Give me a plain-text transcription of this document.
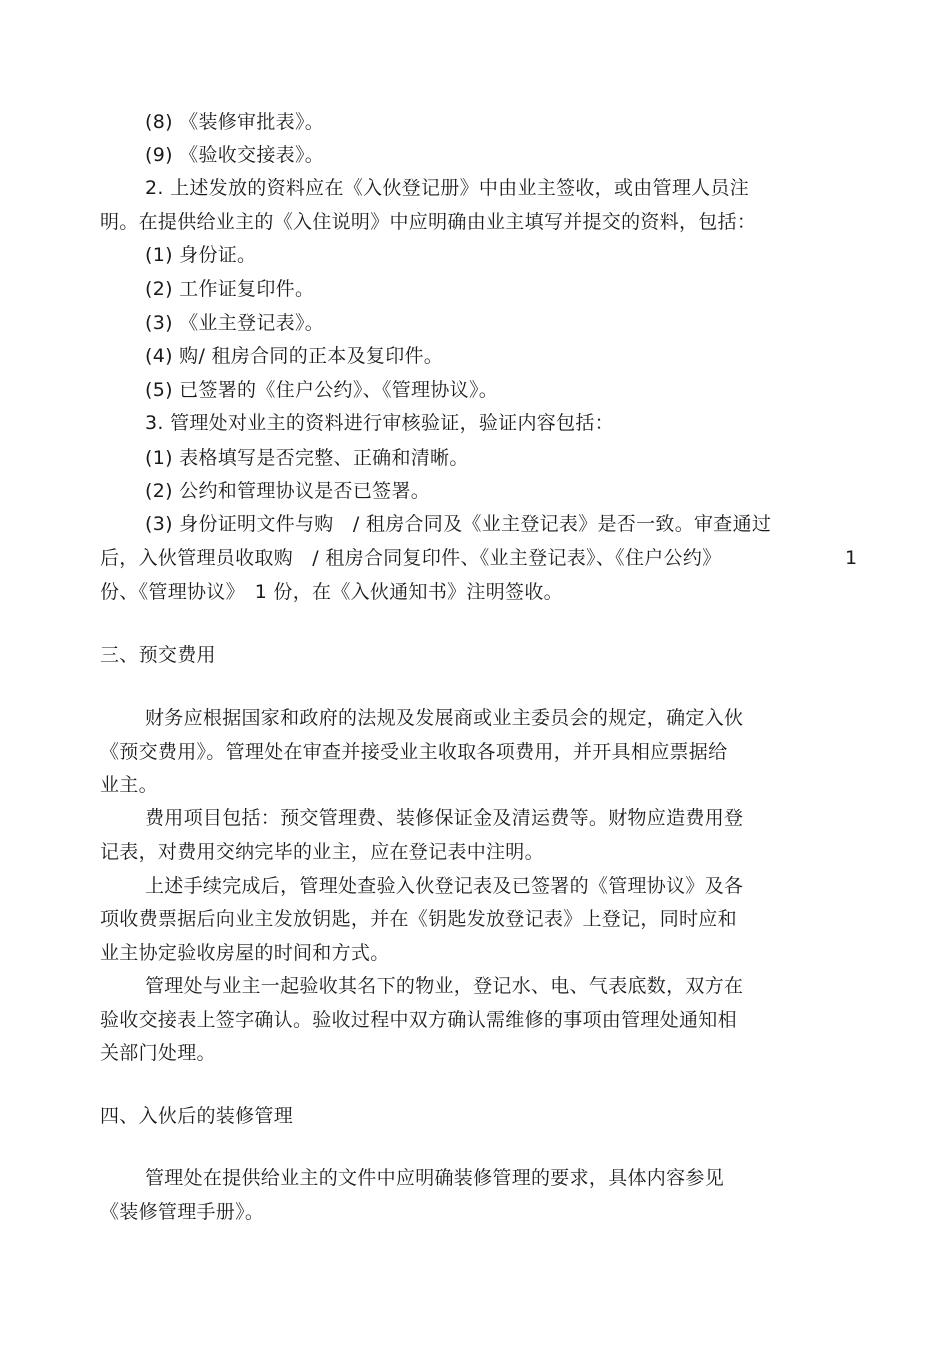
(8) 《装修审批表》。
(9) 《验收交接表》。
2. 上述发放的资料应在《入伙登记册》中由业主签收，或由管理人员注
明。在提供给业主的《入住说明》中应明确由业主填写并提交的资料，包括：
(1) 身份证。
(2) 工作证复印件。
(3) 《业主登记表》。
(4) 购/ 租房合同的正本及复印件。
(5) 已签署的《住户公约》、《管理协议》。
3. 管理处对业主的资料进行审核验证，验证内容包括：
(1) 表格填写是否完整、正确和清晰。
(2) 公约和管理协议是否已签署。
(3) 身份证明文件与购　/ 租房合同及《业主登记表》是否一致。审查通过
后，入伙管理员收取购　/ 租房合同复印件、《业主登记表》、《住户公约》	1
份、《管理协议》　1 份，在《入伙通知书》注明签收。
三、预交费用
财务应根据国家和政府的法规及发展商或业主委员会的规定，确定入伙
《预交费用》。管理处在审查并接受业主收取各项费用，并开具相应票据给
业主。
费用项目包括：预交管理费、装修保证金及清运费等。财物应造费用登
记表，对费用交纳完毕的业主，应在登记表中注明。
上述手续完成后，管理处查验入伙登记表及已签署的《管理协议》及各
项收费票据后向业主发放钥匙，并在《钥匙发放登记表》上登记，同时应和
业主协定验收房屋的时间和方式。
管理处与业主一起验收其名下的物业，登记水、电、气表底数，双方在
验收交接表上签字确认。验收过程中双方确认需维修的事项由管理处通知相
关部门处理。
四、入伙后的装修管理
管理处在提供给业主的文件中应明确装修管理的要求，具体内容参见
《装修管理手册》。
